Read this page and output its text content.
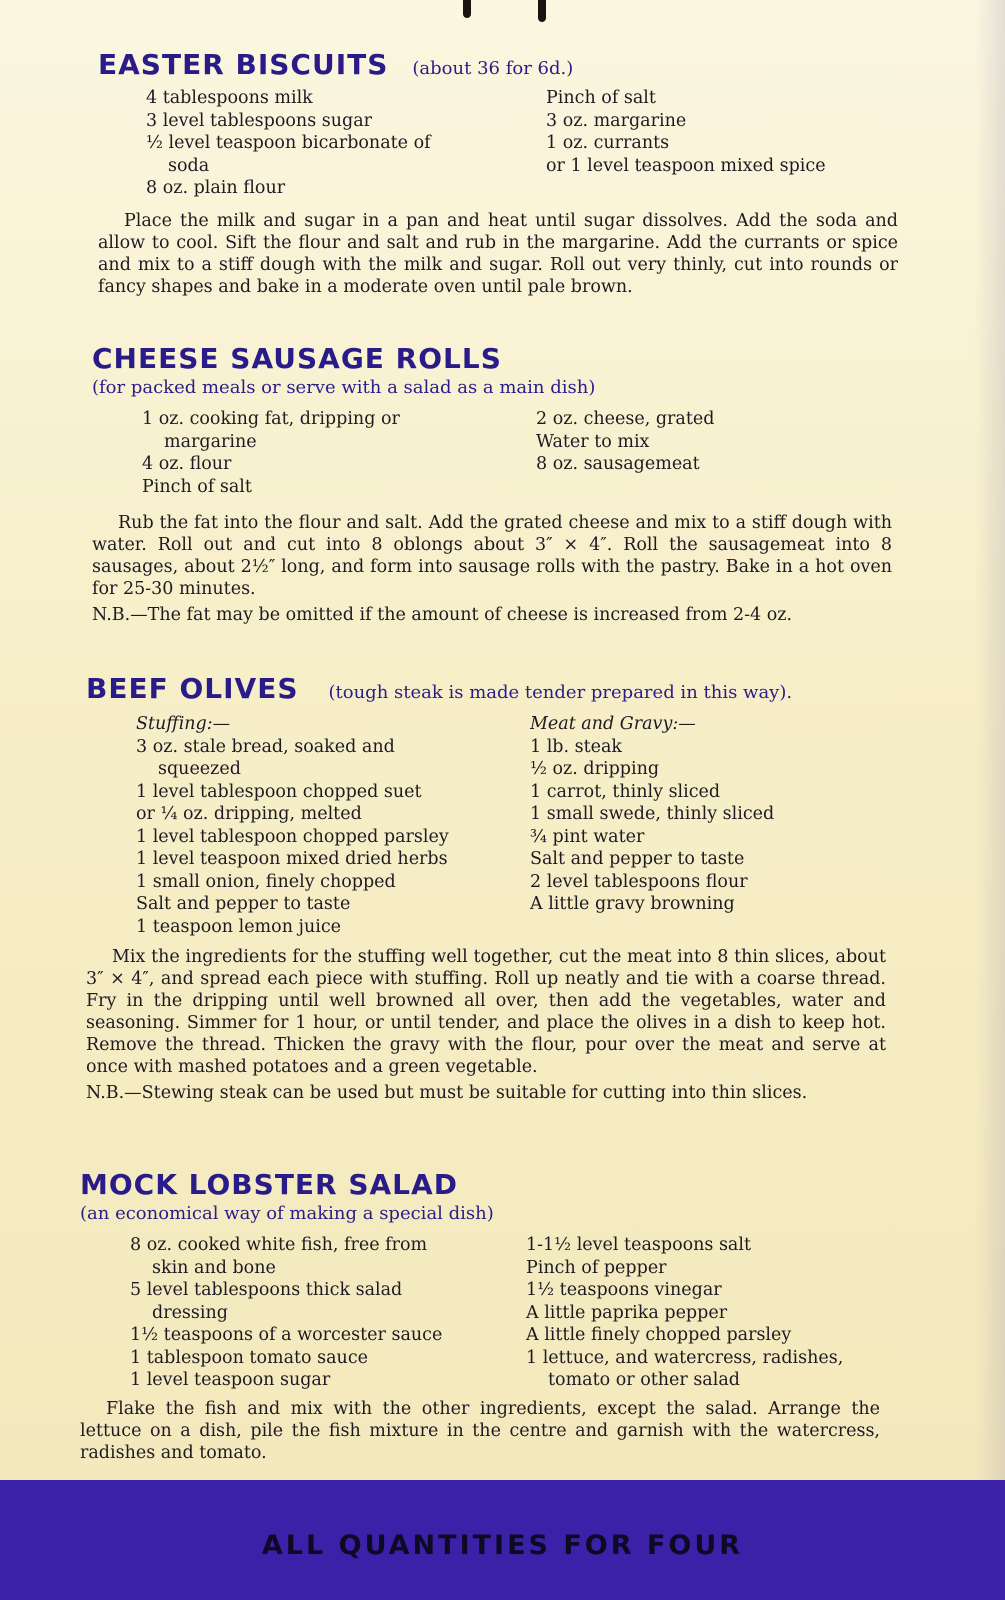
EASTER BISCUITS (about 36 for 6d.)
4 tablespoons milk
3 level tablespoons sugar
½ level teaspoon bicarbonate of
soda
8 oz. plain flour
Pinch of salt
3 oz. margarine
1 oz. currants
or 1 level teaspoon mixed spice

Place the milk and sugar in a pan and heat until sugar dissolves. Add the soda and allow to cool. Sift the flour and salt and rub in the margarine. Add the currants or spice and mix to a stiff dough with the milk and sugar. Roll out very thinly, cut into rounds or fancy shapes and bake in a moderate oven until pale brown.

CHEESE SAUSAGE ROLLS
(for packed meals or serve with a salad as a main dish)
1 oz. cooking fat, dripping or
margarine
4 oz. flour
Pinch of salt
2 oz. cheese, grated
Water to mix
8 oz. sausagemeat

Rub the fat into the flour and salt. Add the grated cheese and mix to a stiff dough with water. Roll out and cut into 8 oblongs about 3″ × 4″. Roll the sausagemeat into 8 sausages, about 2½″ long, and form into sausage rolls with the pastry. Bake in a hot oven for 25-30 minutes.

N.B.—The fat may be omitted if the amount of cheese is increased from 2-4 oz.
BEEF OLIVES (tough steak is made tender prepared in this way).
Stuffing:—
3 oz. stale bread, soaked and
squeezed
1 level tablespoon chopped suet
or ¼ oz. dripping, melted
1 level tablespoon chopped parsley
1 level teaspoon mixed dried herbs
1 small onion, finely chopped
Salt and pepper to taste
1 teaspoon lemon juice
Meat and Gravy:—
1 lb. steak
½ oz. dripping
1 carrot, thinly sliced
1 small swede, thinly sliced
¾ pint water
Salt and pepper to taste
2 level tablespoons flour
A little gravy browning

Mix the ingredients for the stuffing well together, cut the meat into 8 thin slices, about 3″ × 4″, and spread each piece with stuffing. Roll up neatly and tie with a coarse thread. Fry in the dripping until well browned all over, then add the vegetables, water and seasoning. Simmer for 1 hour, or until tender, and place the olives in a dish to keep hot. Remove the thread. Thicken the gravy with the flour, pour over the meat and serve at once with mashed potatoes and a green vegetable.

N.B.—Stewing steak can be used but must be suitable for cutting into thin slices.
MOCK LOBSTER SALAD
(an economical way of making a special dish)
8 oz. cooked white fish, free from
skin and bone
5 level tablespoons thick salad
dressing
1½ teaspoons of a worcester sauce
1 tablespoon tomato sauce
1 level teaspoon sugar
1-1½ level teaspoons salt
Pinch of pepper
1½ teaspoons vinegar
A little paprika pepper
A little finely chopped parsley
1 lettuce, and watercress, radishes,
tomato or other salad

Flake the fish and mix with the other ingredients, except the salad. Arrange the lettuce on a dish, pile the fish mixture in the centre and garnish with the watercress, radishes and tomato.

ALL QUANTITIES FOR FOUR
